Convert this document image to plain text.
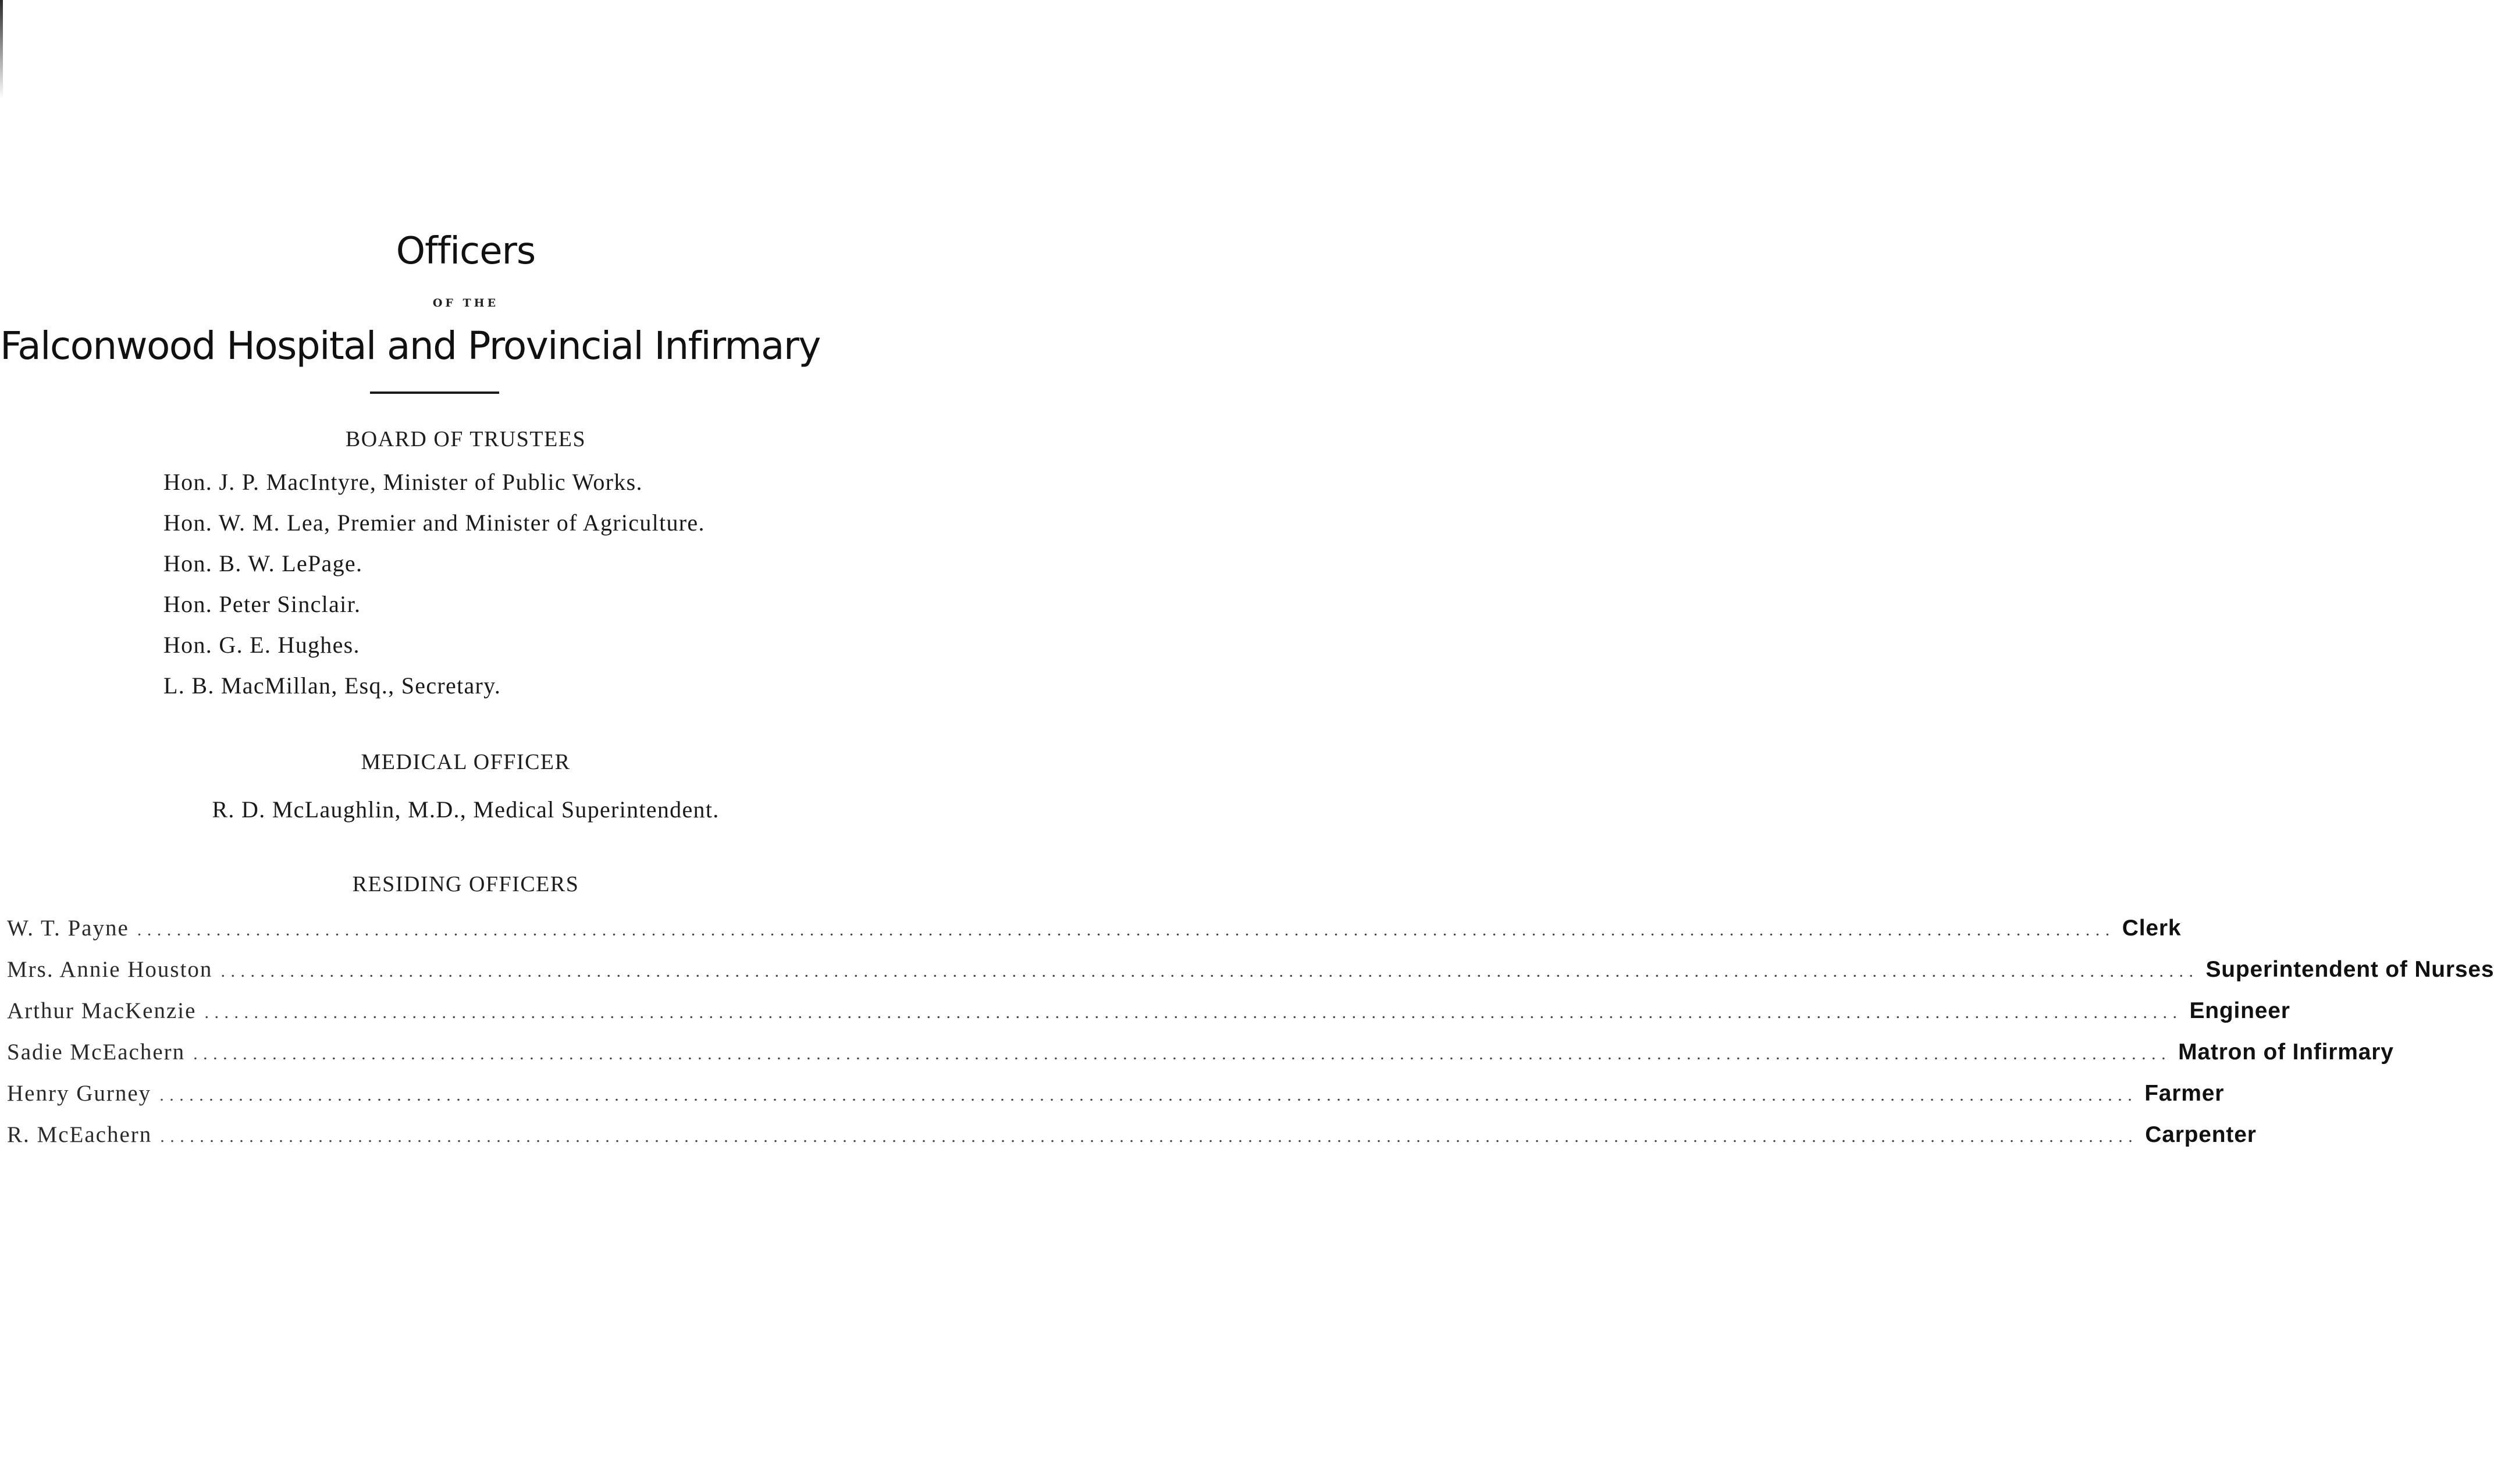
Officers
OF THE
Falconwood Hospital and Provincial Infirmary
BOARD OF TRUSTEES
Hon. J. P. MacIntyre, Minister of Public Works.
Hon. W. M. Lea, Premier and Minister of Agriculture.
Hon. B. W. LePage.
Hon. Peter Sinclair.
Hon. G. E. Hughes.
L. B. MacMillan, Esq., Secretary.
MEDICAL OFFICER
R. D. McLaughlin, M.D., Medical Superintendent.
RESIDING OFFICERS
W. T. Payne ........................................................................................................................................................................................................ Clerk
Mrs. Annie Houston ........................................................................................................................................................................................................ Superintendent of Nurses
Arthur MacKenzie ........................................................................................................................................................................................................ Engineer
Sadie McEachern ........................................................................................................................................................................................................ Matron of Infirmary
Henry Gurney ........................................................................................................................................................................................................ Farmer
R. McEachern ........................................................................................................................................................................................................ Carpenter
